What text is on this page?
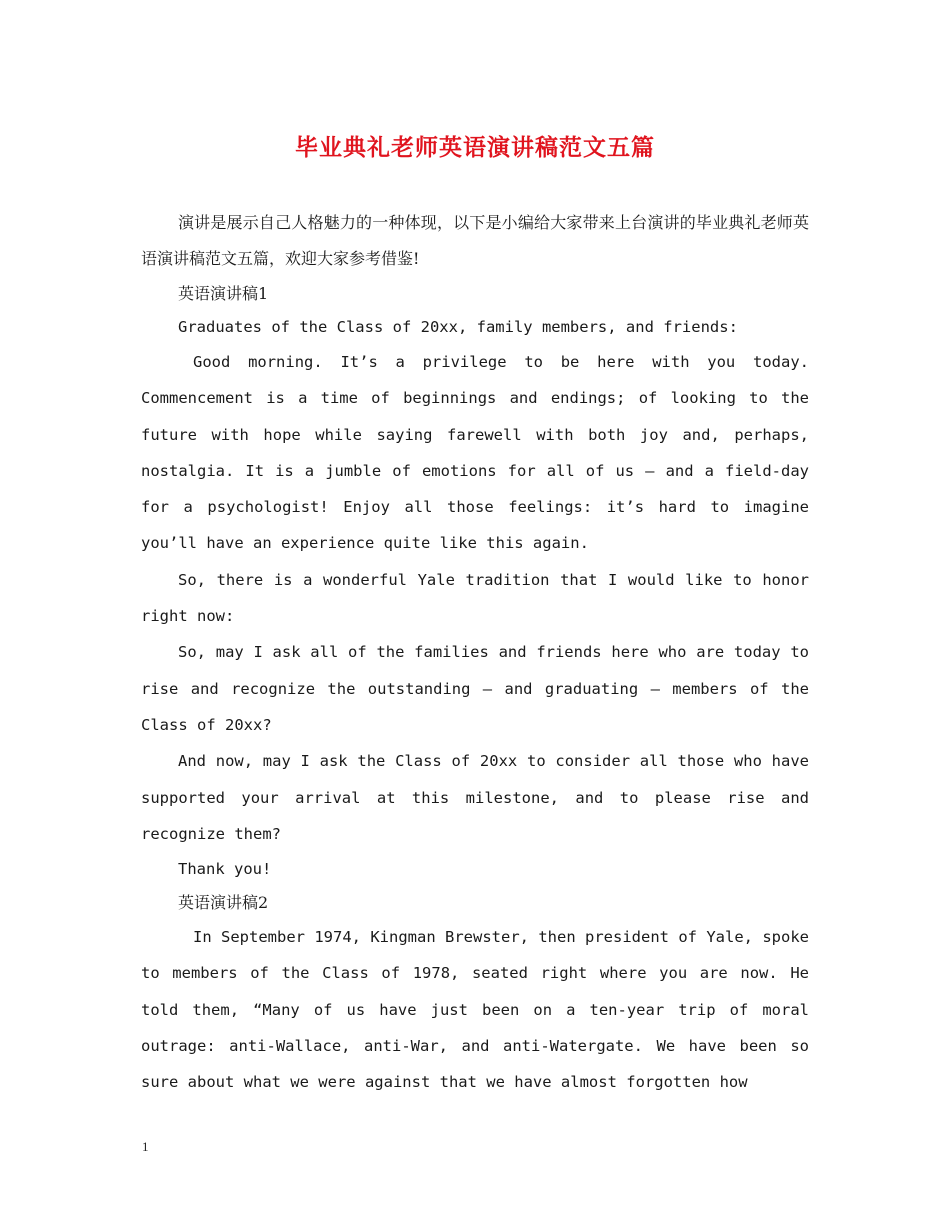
毕业典礼老师英语演讲稿范文五篇

演讲是展示自己人格魅力的一种体现，以下是小编给大家带来上台演讲的毕业典礼老师英语演讲稿范文五篇，欢迎大家参考借鉴!

英语演讲稿1

Graduates of the Class of 20xx, family members, and friends:

Good morning. It’s a privilege to be here with you today. Commencement is a time of beginnings and endings; of looking to the future with hope while saying farewell with both joy and, perhaps, nostalgia. It is a jumble of emotions for all of us – and a field-day for a psychologist! Enjoy all those feelings: it’s hard to imagine you’ll have an experience quite like this again.

So, there is a wonderful Yale tradition that I would like to honor right now:

So, may I ask all of the families and friends here who are today to rise and recognize the outstanding – and graduating – members of the Class of 20xx?

And now, may I ask the Class of 20xx to consider all those who have supported your arrival at this milestone, and to please rise and recognize them?

Thank you!

英语演讲稿2

In September 1974, Kingman Brewster, then president of Yale, spoke to members of the Class of 1978, seated right where you are now. He told them, “Many of us have just been on a ten-year trip of moral outrage: anti-Wallace, anti-War, and anti-Watergate. We have been so sure about what we were against that we have almost forgotten how

1
